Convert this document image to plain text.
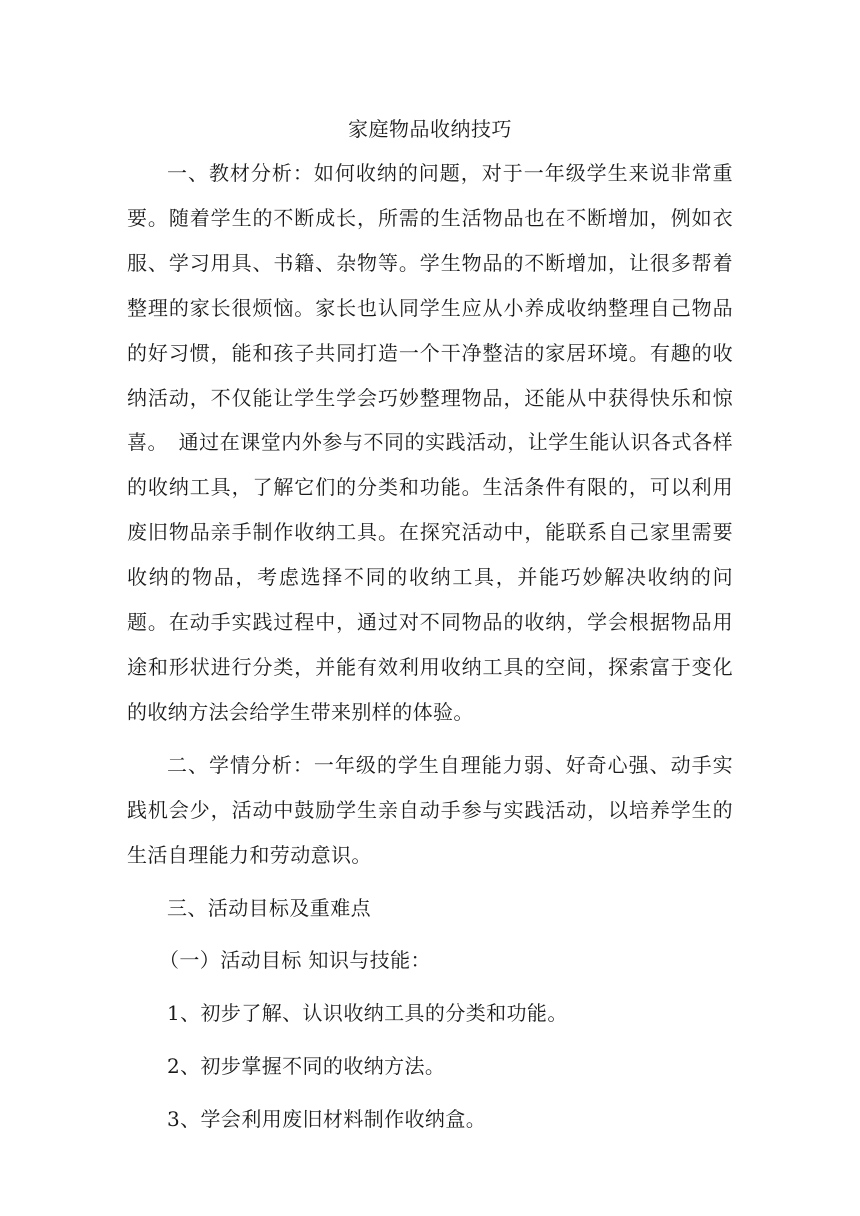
家庭物品收纳技巧

一、教材分析：如何收纳的问题，对于一年级学生来说非常重要。随着学生的不断成长，所需的生活物品也在不断增加，例如衣服、学习用具、书籍、杂物等。学生物品的不断增加，让很多帮着整理的家长很烦恼。家长也认同学生应从小养成收纳整理自己物品的好习惯，能和孩子共同打造一个干净整洁的家居环境。有趣的收纳活动，不仅能让学生学会巧妙整理物品，还能从中获得快乐和惊喜。　通过在课堂内外参与不同的实践活动，让学生能认识各式各样的收纳工具，了解它们的分类和功能。生活条件有限的，可以利用废旧物品亲手制作收纳工具。在探究活动中，能联系自己家里需要收纳的物品，考虑选择不同的收纳工具，并能巧妙解决收纳的问题。在动手实践过程中，通过对不同物品的收纳，学会根据物品用途和形状进行分类，并能有效利用收纳工具的空间，探索富于变化的收纳方法会给学生带来别样的体验。

二、学情分析：一年级的学生自理能力弱、好奇心强、动手实践机会少，活动中鼓励学生亲自动手参与实践活动，以培养学生的生活自理能力和劳动意识。

三、活动目标及重难点

（一）活动目标 知识与技能：

1、初步了解、认识收纳工具的分类和功能。

2、初步掌握不同的收纳方法。

3、学会利用废旧材料制作收纳盒。
